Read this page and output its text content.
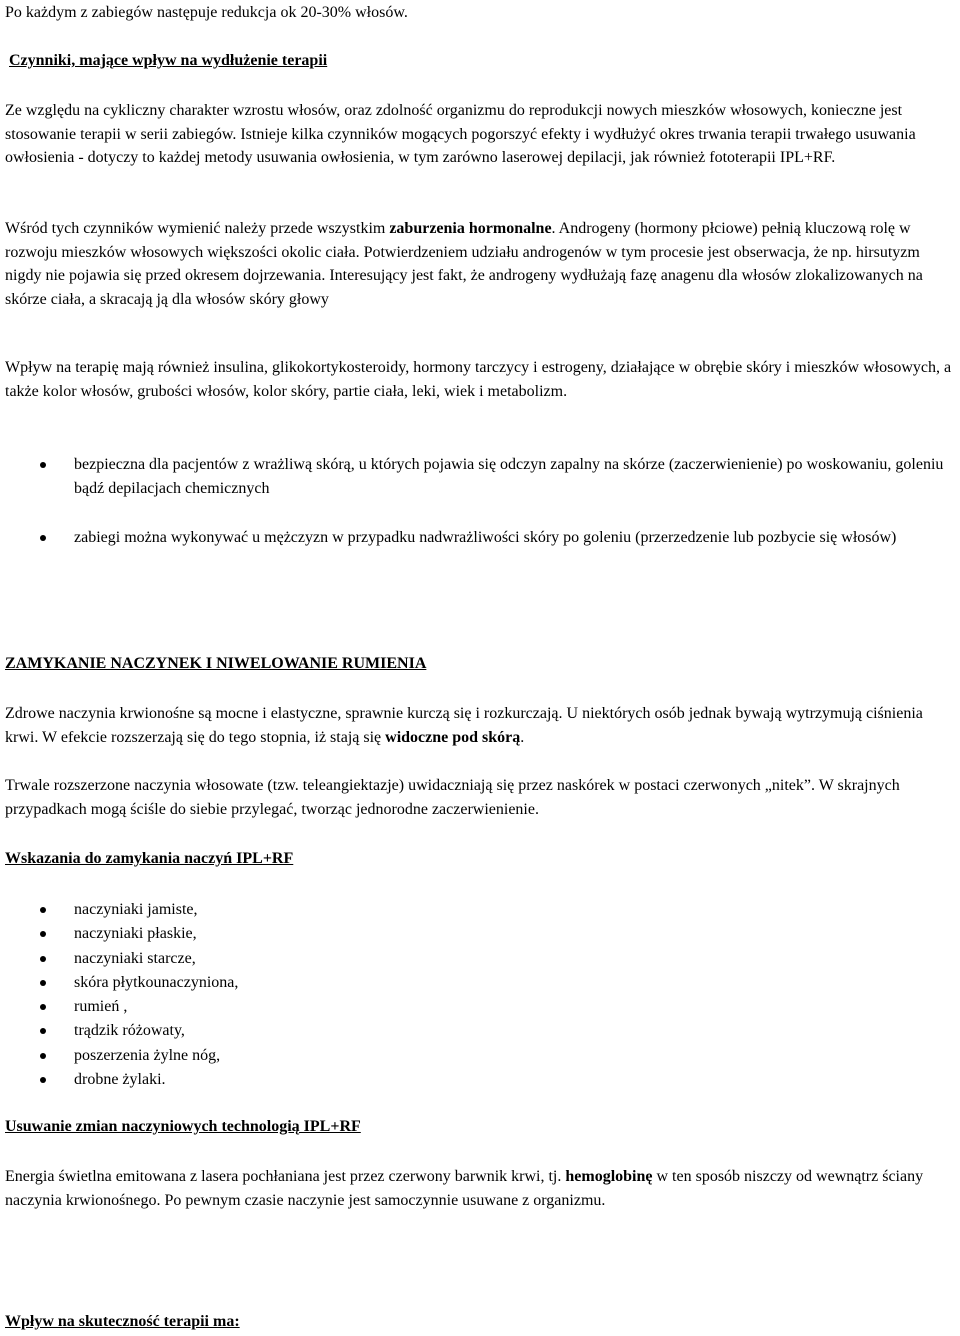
Po każdym z zabiegów następuje redukcja ok 20-30% włosów.

Czynniki, mające wpływ na wydłużenie terapii

Ze względu na cykliczny charakter wzrostu włosów, oraz zdolność organizmu do reprodukcji nowych mieszków włosowych, konieczne jest stosowanie terapii w serii zabiegów. Istnieje kilka czynników mogących pogorszyć efekty i wydłużyć okres trwania terapii trwałego usuwania owłosienia - dotyczy to każdej metody usuwania owłosienia, w tym zarówno laserowej depilacji, jak również fototerapii IPL+RF.

Wśród tych czynników wymienić należy przede wszystkim zaburzenia hormonalne. Androgeny (hormony płciowe) pełnią kluczową rolę w rozwoju mieszków włosowych większości okolic ciała. Potwierdzeniem udziału androgenów w tym procesie jest obserwacja, że np. hirsutyzm nigdy nie pojawia się przed okresem dojrzewania. Interesujący jest fakt, że androgeny wydłużają fazę anagenu dla włosów zlokalizowanych na skórze ciała, a skracają ją dla włosów skóry głowy

Wpływ na terapię mają również insulina, glikokortykosteroidy, hormony tarczycy i estrogeny, działające w obrębie skóry i mieszków włosowych, a także kolor włosów, grubości włosów, kolor skóry, partie ciała, leki, wiek i metabolizm.

bezpieczna dla pacjentów z wrażliwą skórą, u których pojawia się odczyn zapalny na skórze (zaczerwienienie) po woskowaniu, goleniu bądź depilacjach chemicznych
zabiegi można wykonywać u mężczyzn w przypadku nadwrażliwości skóry po goleniu (przerzedzenie lub pozbycie się włosów)

ZAMYKANIE NACZYNEK I NIWELOWANIE RUMIENIA

Zdrowe naczynia krwionośne są mocne i elastyczne, sprawnie kurczą się i rozkurczają. U niektórych osób jednak bywają wytrzymują ciśnienia krwi. W efekcie rozszerzają się do tego stopnia, iż stają się widoczne pod skórą.

Trwale rozszerzone naczynia włosowate (tzw. teleangiektazje) uwidaczniają się przez naskórek w postaci czerwonych „nitek”. W skrajnych przypadkach mogą ściśle do siebie przylegać, tworząc jednorodne zaczerwienienie.

Wskazania do zamykania naczyń IPL+RF

naczyniaki jamiste,
naczyniaki płaskie,
naczyniaki starcze,
skóra płytkounaczyniona,
rumień ,
trądzik różowaty,
poszerzenia żylne nóg,
drobne żylaki.

Usuwanie zmian naczyniowych technologią IPL+RF

Energia świetlna emitowana z lasera pochłaniana jest przez czerwony barwnik krwi, tj. hemoglobinę w ten sposób niszczy od wewnątrz ściany naczynia krwionośnego. Po pewnym czasie naczynie jest samoczynnie usuwane z organizmu.

Wpływ na skuteczność terapii ma:
